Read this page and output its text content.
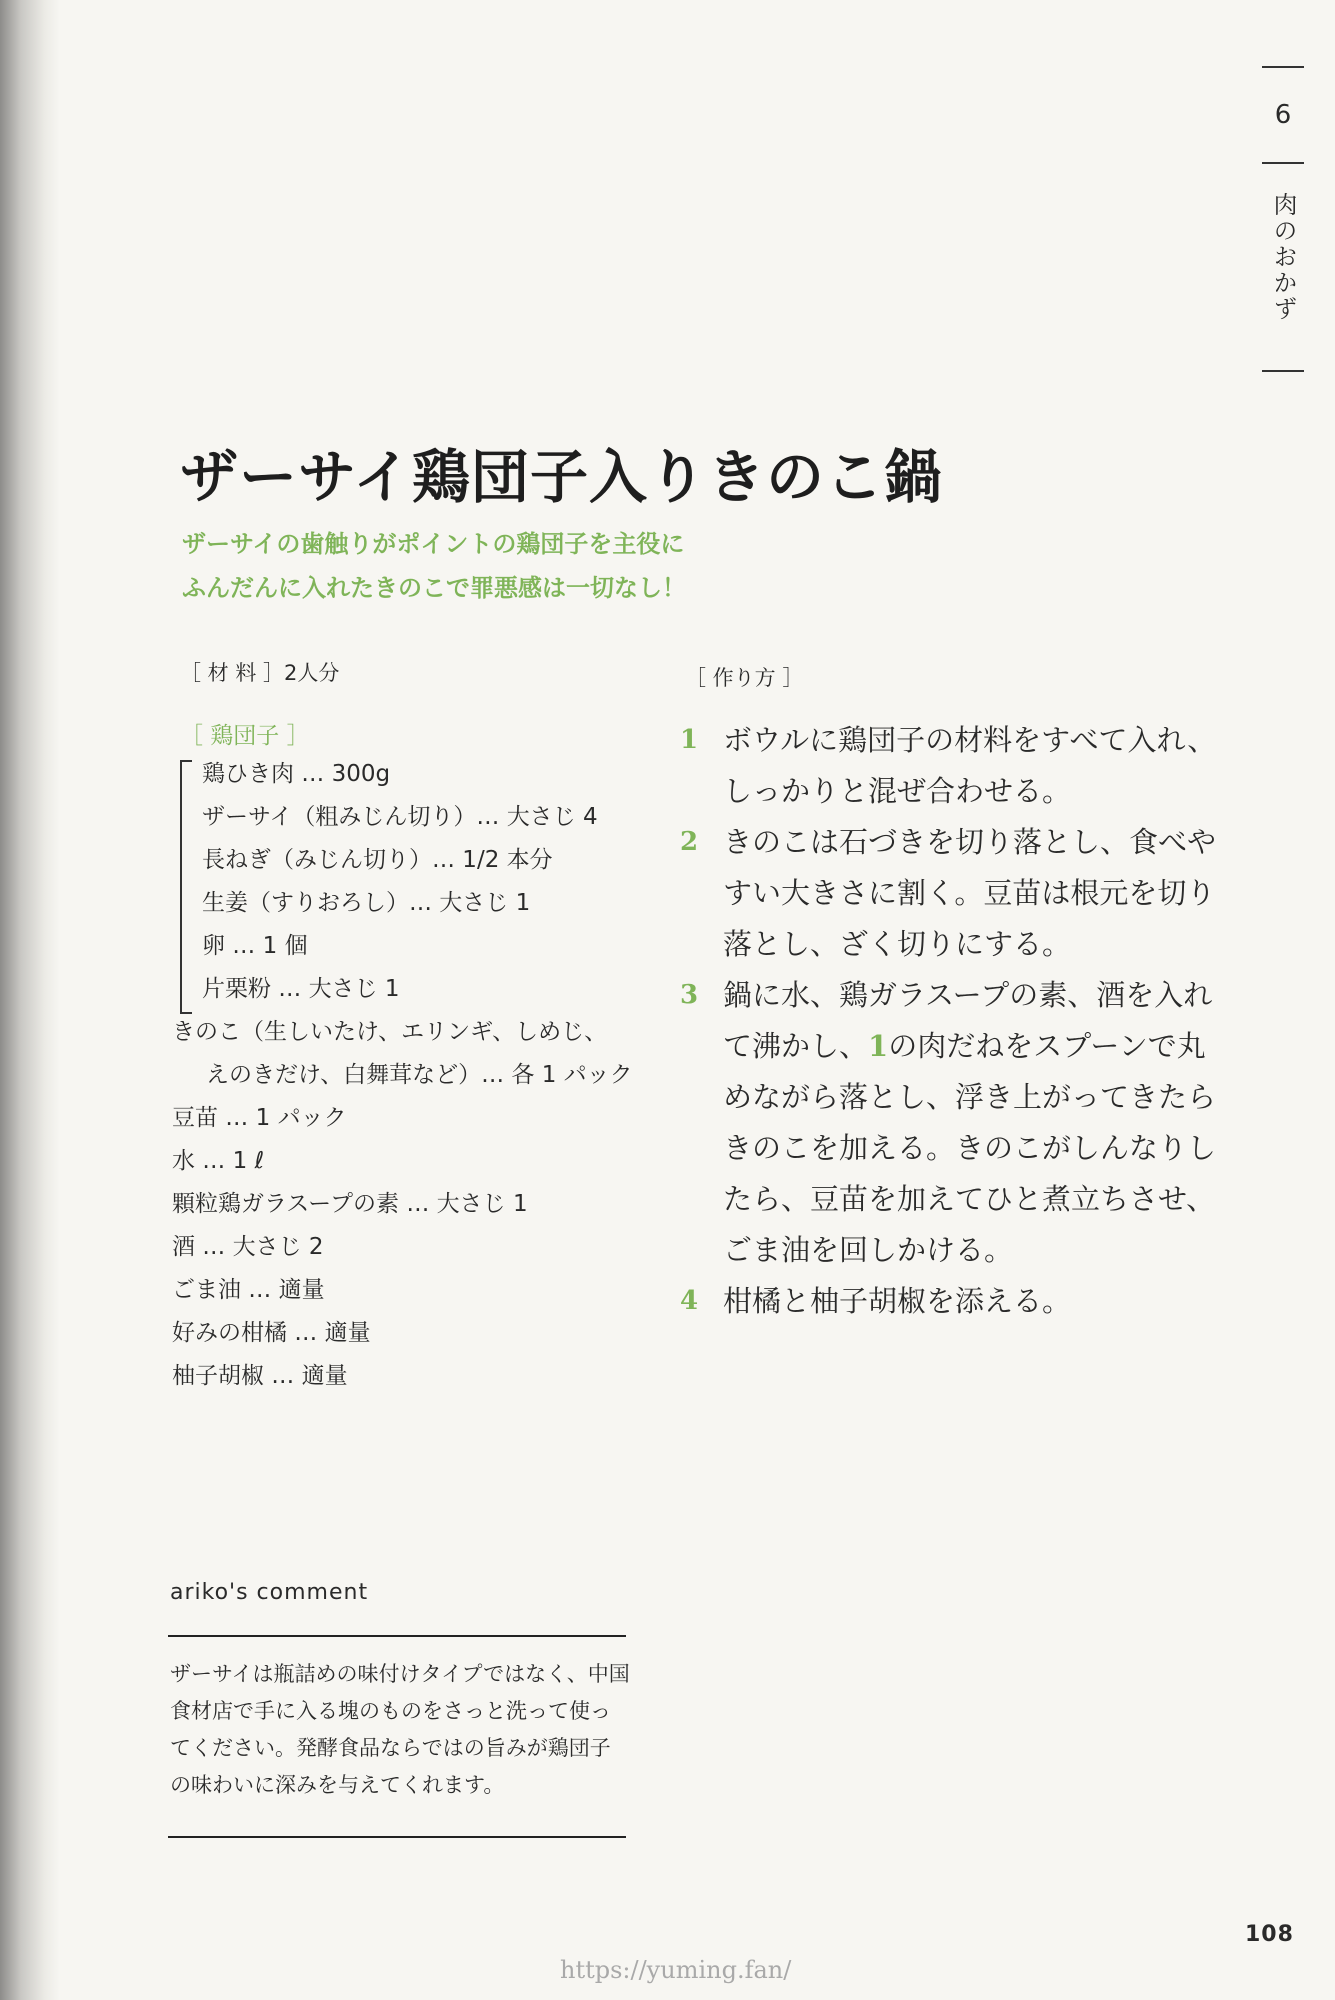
6
肉のおかず
ザーサイ鶏団子入りきのこ鍋
ザーサイの歯触りがポイントの鶏団子を主役に
ふんだんに入れたきのこで罪悪感は一切なし！
［ 材 料 ］2人分
［ 鶏団子 ］
鶏ひき肉 … 300g
ザーサイ（粗みじん切り）… 大さじ 4
長ねぎ（みじん切り）… 1/2 本分
生姜（すりおろし）… 大さじ 1
卵 … 1 個
片栗粉 … 大さじ 1
きのこ（生しいたけ、エリンギ、しめじ、
えのきだけ、白舞茸など）… 各 1 パック
豆苗 … 1 パック
水 … 1 ℓ
顆粒鶏ガラスープの素 … 大さじ 1
酒 … 大さじ 2
ごま油 … 適量
好みの柑橘 … 適量
柚子胡椒 … 適量
［ 作り方 ］
1 ボウルに鶏団子の材料をすべて入れ、しっかりと混ぜ合わせる。
2 きのこは石づきを切り落とし、食べやすい大きさに割く。豆苗は根元を切り落とし、ざく切りにする。
3 鍋に水、鶏ガラスープの素、酒を入れて沸かし、1の肉だねをスプーンで丸めながら落とし、浮き上がってきたらきのこを加える。きのこがしんなりしたら、豆苗を加えてひと煮立ちさせ、ごま油を回しかける。
4 柑橘と柚子胡椒を添える。
ariko's comment
ザーサイは瓶詰めの味付けタイプではなく、中国食材店で手に入る塊のものをさっと洗って使ってください。発酵食品ならではの旨みが鶏団子の味わいに深みを与えてくれます。
108
https://yuming.fan/
